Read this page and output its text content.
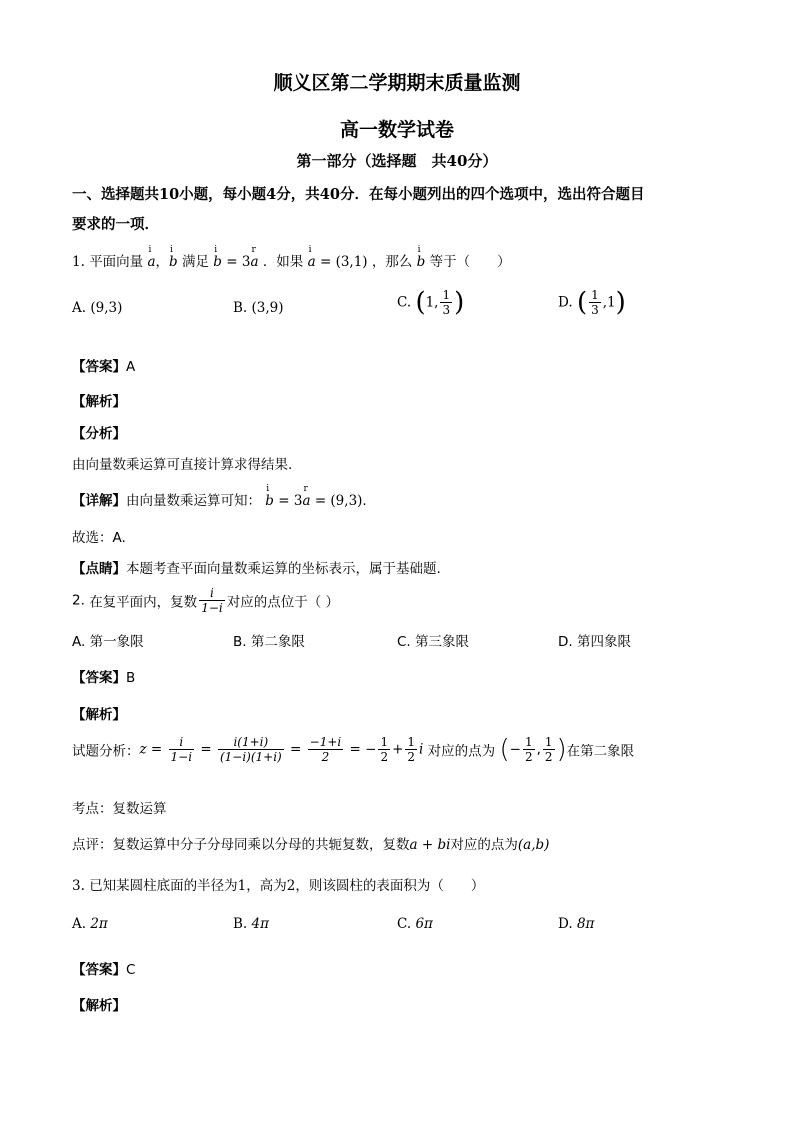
顺义区第二学期期末质量监测
高一数学试卷
第一部分（选择题　共40分）
一、选择题共10小题，每小题4分，共40分．在每小题列出的四个选项中，选出符合题目
要求的一项．
1. 平面向量
i
a，
i
b 满足
i
b = 3
r
a ．如果
i
a = (3,1) ，那么
i
b 等于（　　）
A. (9,3)	B. (3,9)	C. (1, $\frac{1}{3}$ )	D. ( $\frac{1}{3} ,1$)
【答案】A
【解析】
【分析】
由向量数乘运算可直接计算求得结果.
【详解】由向量数乘运算可知：
i
b = 3
r
a = (9,3).
故选：A.
【点睛】本题考查平面向量数乘运算的坐标表示，属于基础题.
2. 在复平面内，复数 $\frac{i}{1-i}$ 对应的点位于（ ）
A. 第一象限	B. 第二象限	C. 第三象限	D. 第四象限
【答案】B
【解析】
试题分析：$z = \frac{i}{1-i} = \frac{i(1+i)}{(1-i)(1+i)} = \frac{-1+i}{2}$ = − $\frac{1}{2} + \frac{1}{2}$ i 对应的点为 (− $\frac{1}{2}$ , $\frac{1}{2}$ )在第二象限
考点：复数运算
点评：复数运算中分子分母同乘以分母的共轭复数，复数a + bi对应的点为(a,b)
3. 已知某圆柱底面的半径为1，高为2，则该圆柱的表面积为（　　）
A. 2π	B. 4π	C. 6π	D. 8π
【答案】C
【解析】
